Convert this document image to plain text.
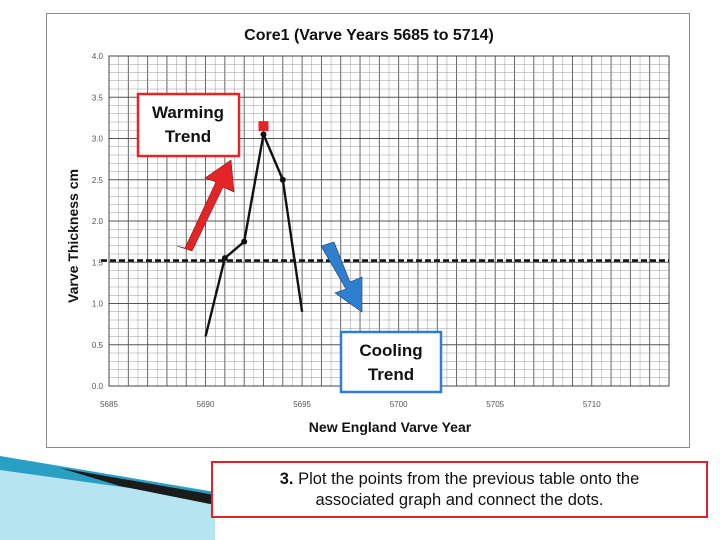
5685	5690	5695	5700	5705	5710
0.0
0.5
1.0
1.5
2.0
2.5
3.0
3.5
4.0
Warming
Trend
Cooling
Trend
Core1 (Varve Years 5685 to 5714)
New England Varve Year
Varve Thickness cm
3. Plot the points from the previous table onto the
associated graph and connect the dots.
